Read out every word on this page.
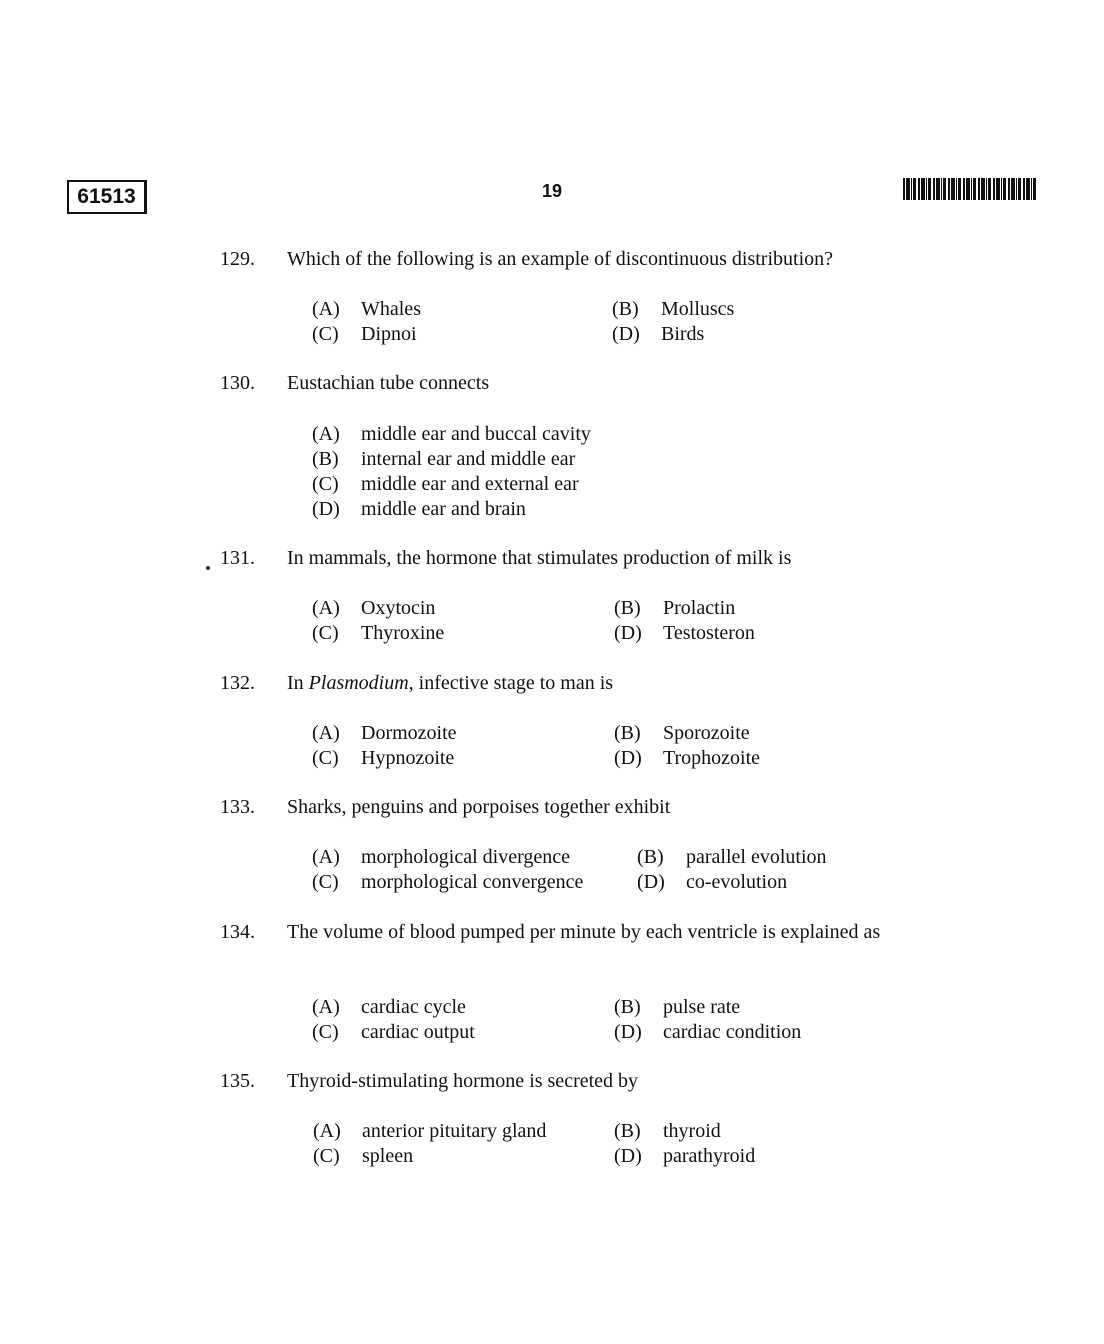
61513	19
129. Which of the following is an example of discontinuous distribution?
(A) Whales	(B) Molluscs
(C) Dipnoi	(D) Birds
130. Eustachian tube connects
(A) middle ear and buccal cavity
(B) internal ear and middle ear
(C) middle ear and external ear
(D) middle ear and brain
131. In mammals, the hormone that stimulates production of milk is
(A) Oxytocin	(B) Prolactin
(C) Thyroxine	(D) Testosteron
132. In Plasmodium, infective stage to man is
(A) Dormozoite	(B) Sporozoite
(C) Hypnozoite	(D) Trophozoite
133. Sharks, penguins and porpoises together exhibit
(A) morphological divergence	(B) parallel evolution
(C) morphological convergence	(D) co-evolution
134. The volume of blood pumped per minute by each ventricle is explained as
(A) cardiac cycle	(B) pulse rate
(C) cardiac output	(D) cardiac condition
135. Thyroid-stimulating hormone is secreted by
(A) anterior pituitary gland	(B) thyroid
(C) spleen	(D) parathyroid
